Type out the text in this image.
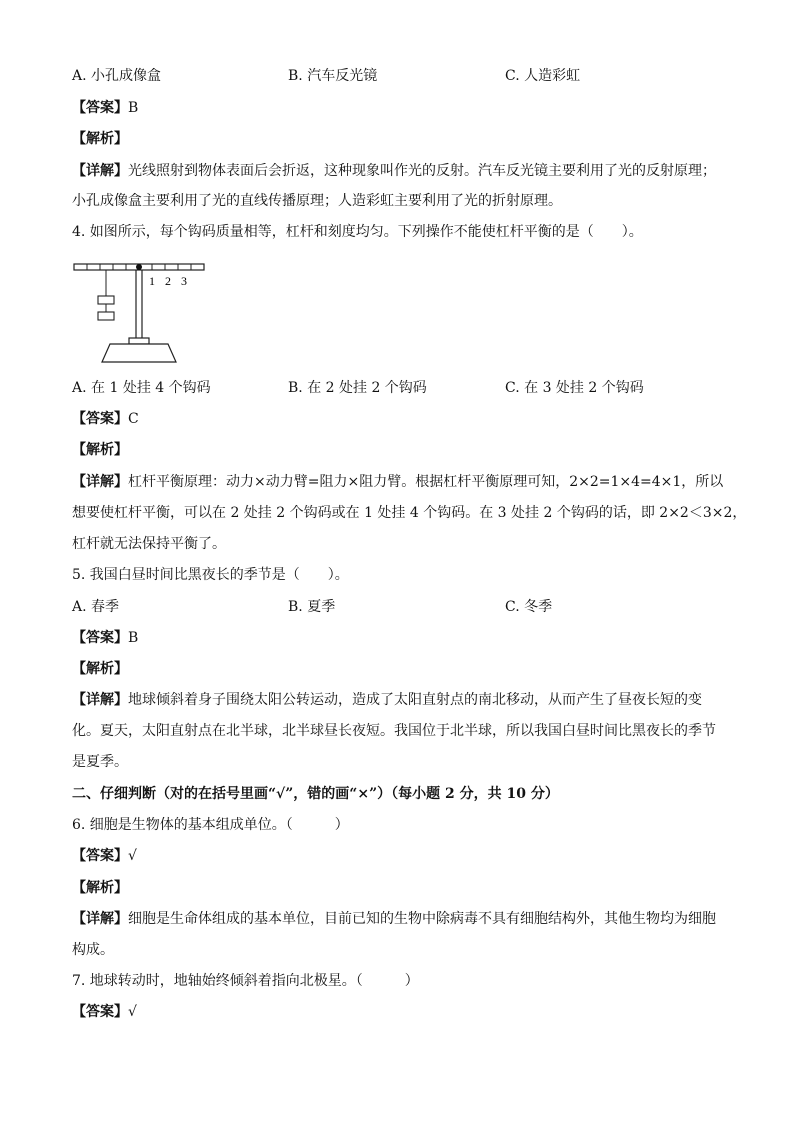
A. 小孔成像盒	B. 汽车反光镜	C. 人造彩虹
【答案】B
【解析】
【详解】光线照射到物体表面后会折返，这种现象叫作光的反射。汽车反光镜主要利用了光的反射原理；
小孔成像盒主要利用了光的直线传播原理；人造彩虹主要利用了光的折射原理。
4. 如图所示，每个钩码质量相等，杠杆和刻度均匀。下列操作不能使杠杆平衡的是（　　）。
1 2 3
A. 在 1 处挂 4 个钩码	B. 在 2 处挂 2 个钩码	C. 在 3 处挂 2 个钩码
【答案】C
【解析】
【详解】杠杆平衡原理：动力×动力臂=阻力×阻力臂。根据杠杆平衡原理可知，2×2=1×4=4×1，所以
想要使杠杆平衡，可以在 2 处挂 2 个钩码或在 1 处挂 4 个钩码。在 3 处挂 2 个钩码的话，即 2×2＜3×2，
杠杆就无法保持平衡了。
5. 我国白昼时间比黑夜长的季节是（　　）。
A. 春季	B. 夏季	C. 冬季
【答案】B
【解析】
【详解】地球倾斜着身子围绕太阳公转运动，造成了太阳直射点的南北移动，从而产生了昼夜长短的变
化。夏天，太阳直射点在北半球，北半球昼长夜短。我国位于北半球，所以我国白昼时间比黑夜长的季节
是夏季。
二、仔细判断（对的在括号里画“√”，错的画“×”）（每小题 2 分，共 10 分）
6. 细胞是生物体的基本组成单位。（　　　）
【答案】√
【解析】
【详解】细胞是生命体组成的基本单位，目前已知的生物中除病毒不具有细胞结构外，其他生物均为细胞
构成。
7. 地球转动时，地轴始终倾斜着指向北极星。（　　　）
【答案】√
